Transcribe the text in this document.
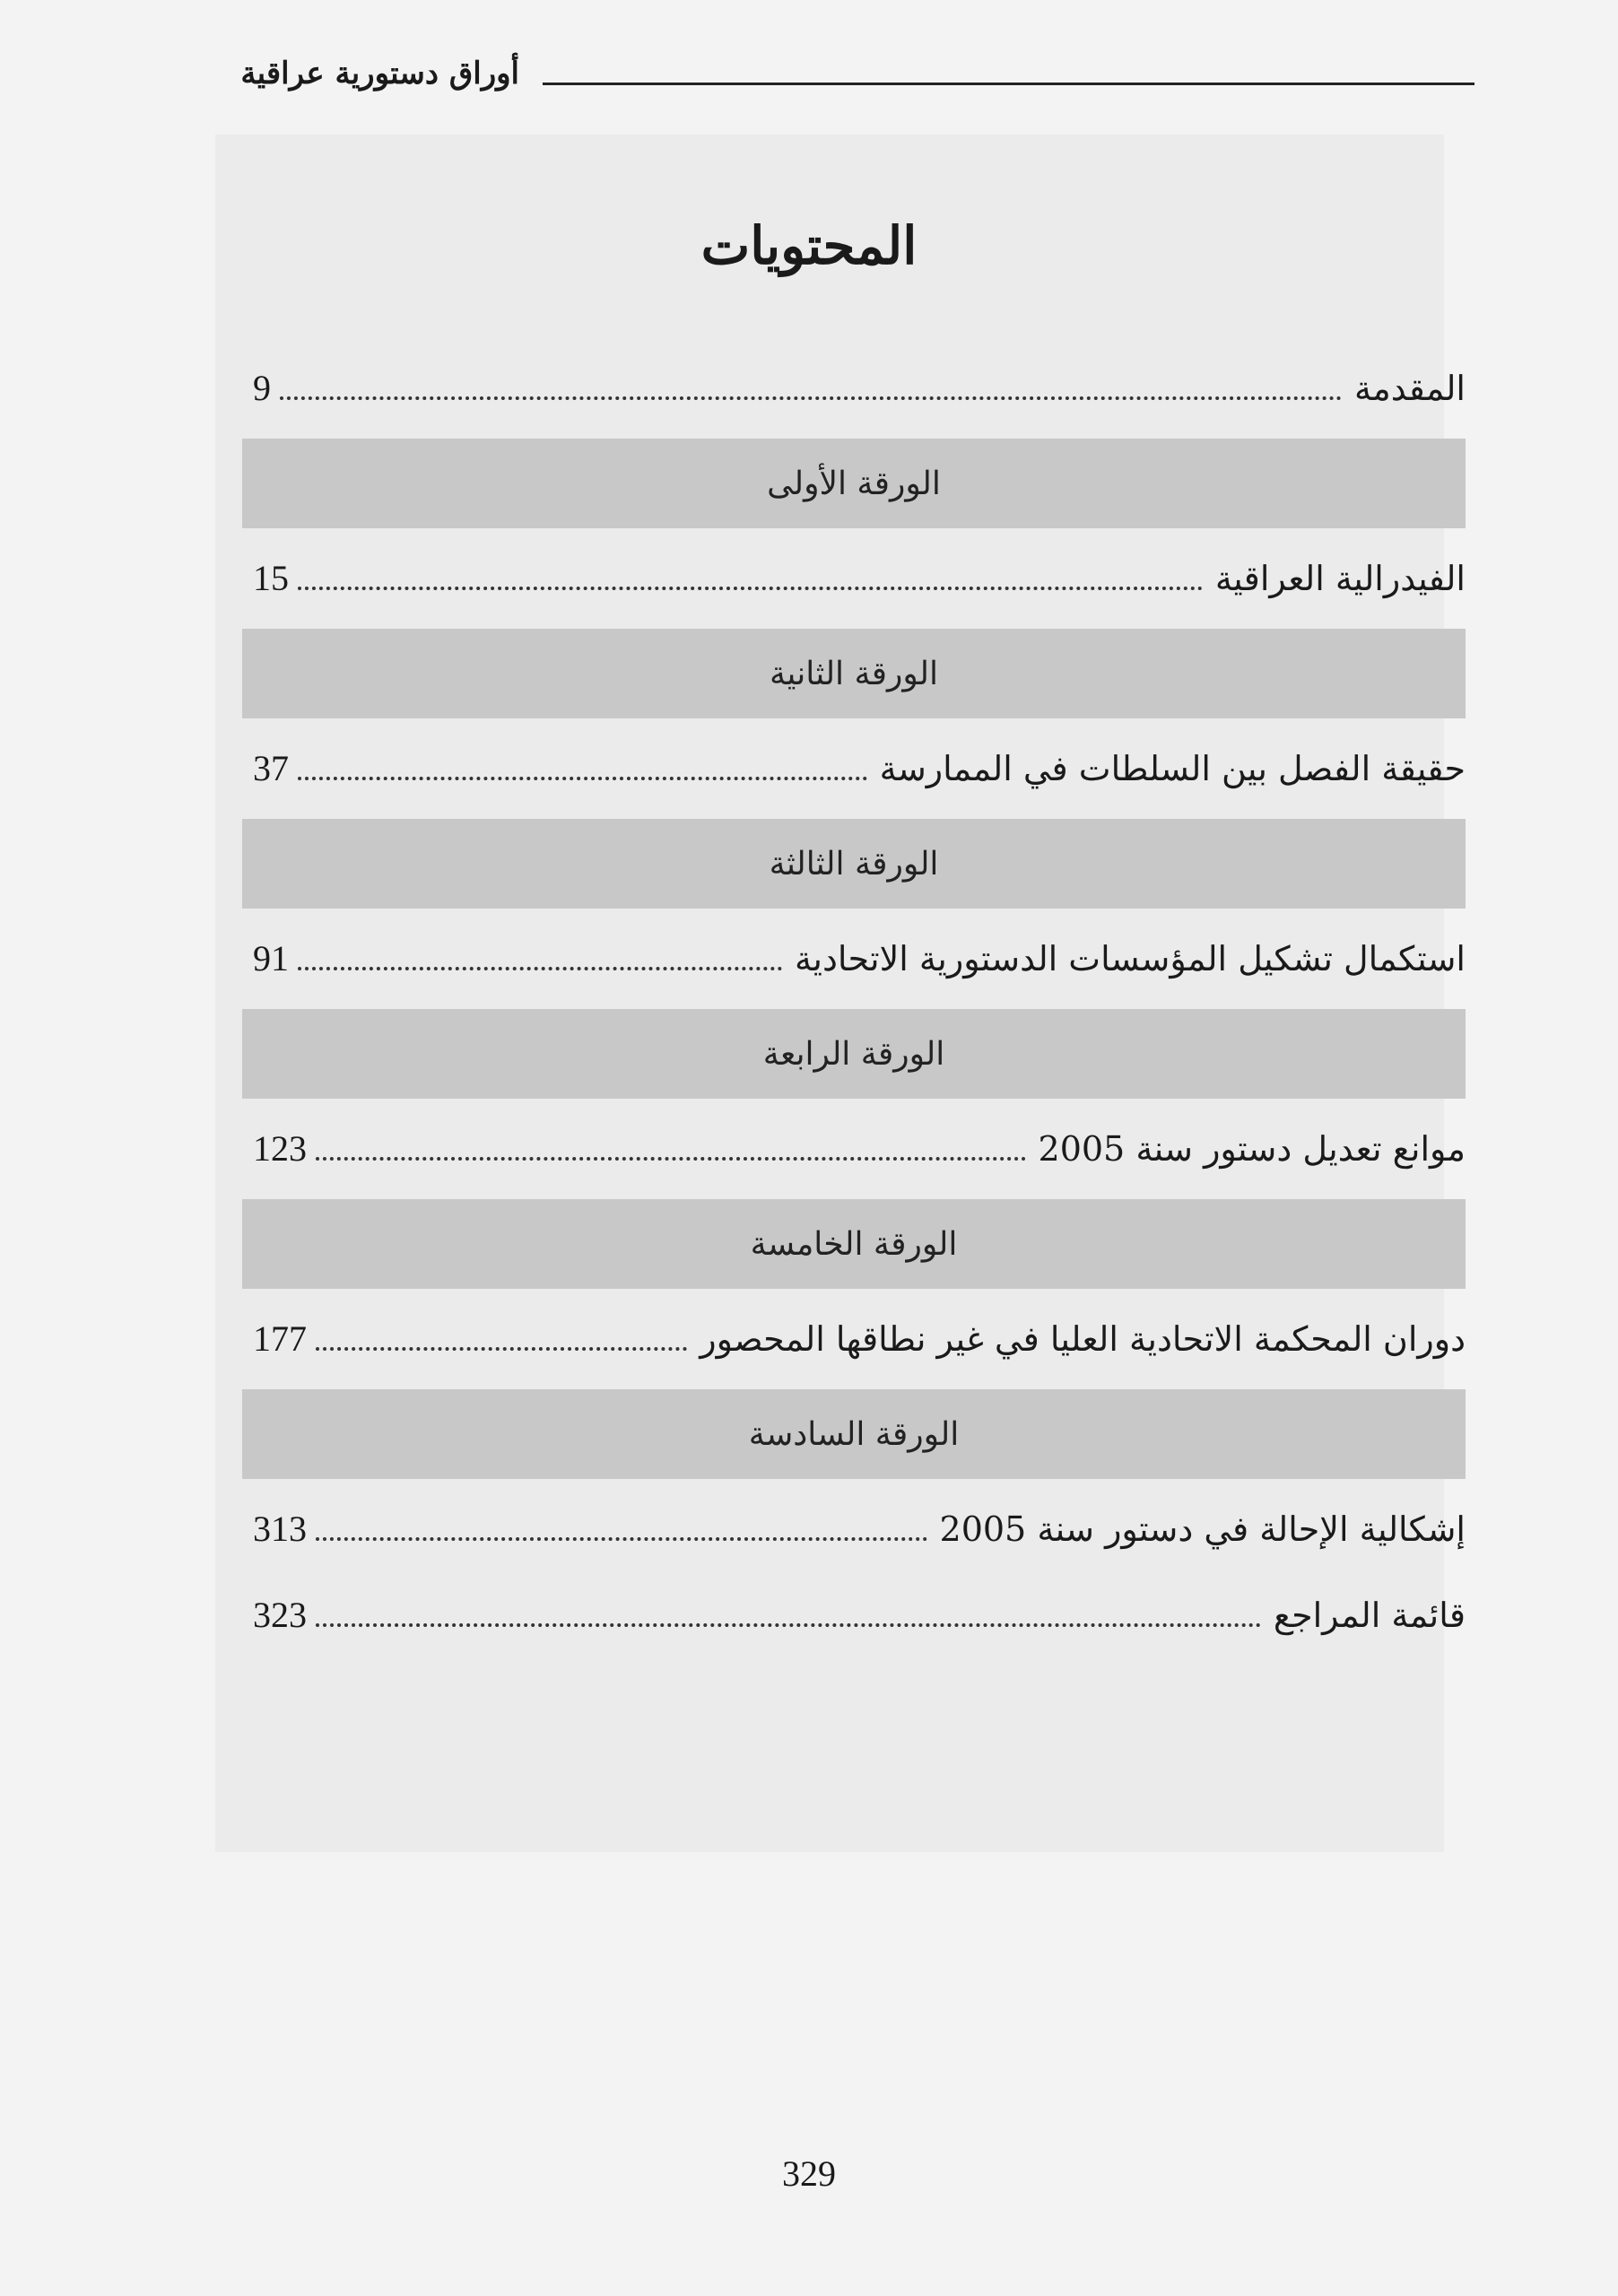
أوراق دستورية عراقية
المحتويات
المقدمة
9
الورقة الأولى
الفيدرالية العراقية
15
الورقة الثانية
حقيقة الفصل بين السلطات في الممارسة
37
الورقة الثالثة
استكمال تشكيل المؤسسات الدستورية الاتحادية
91
الورقة الرابعة
موانع تعديل دستور سنة 2005
123
الورقة الخامسة
دوران المحكمة الاتحادية العليا في غير نطاقها المحصور
177
الورقة السادسة
إشكالية الإحالة في دستور سنة 2005
313
قائمة المراجع
323
329
